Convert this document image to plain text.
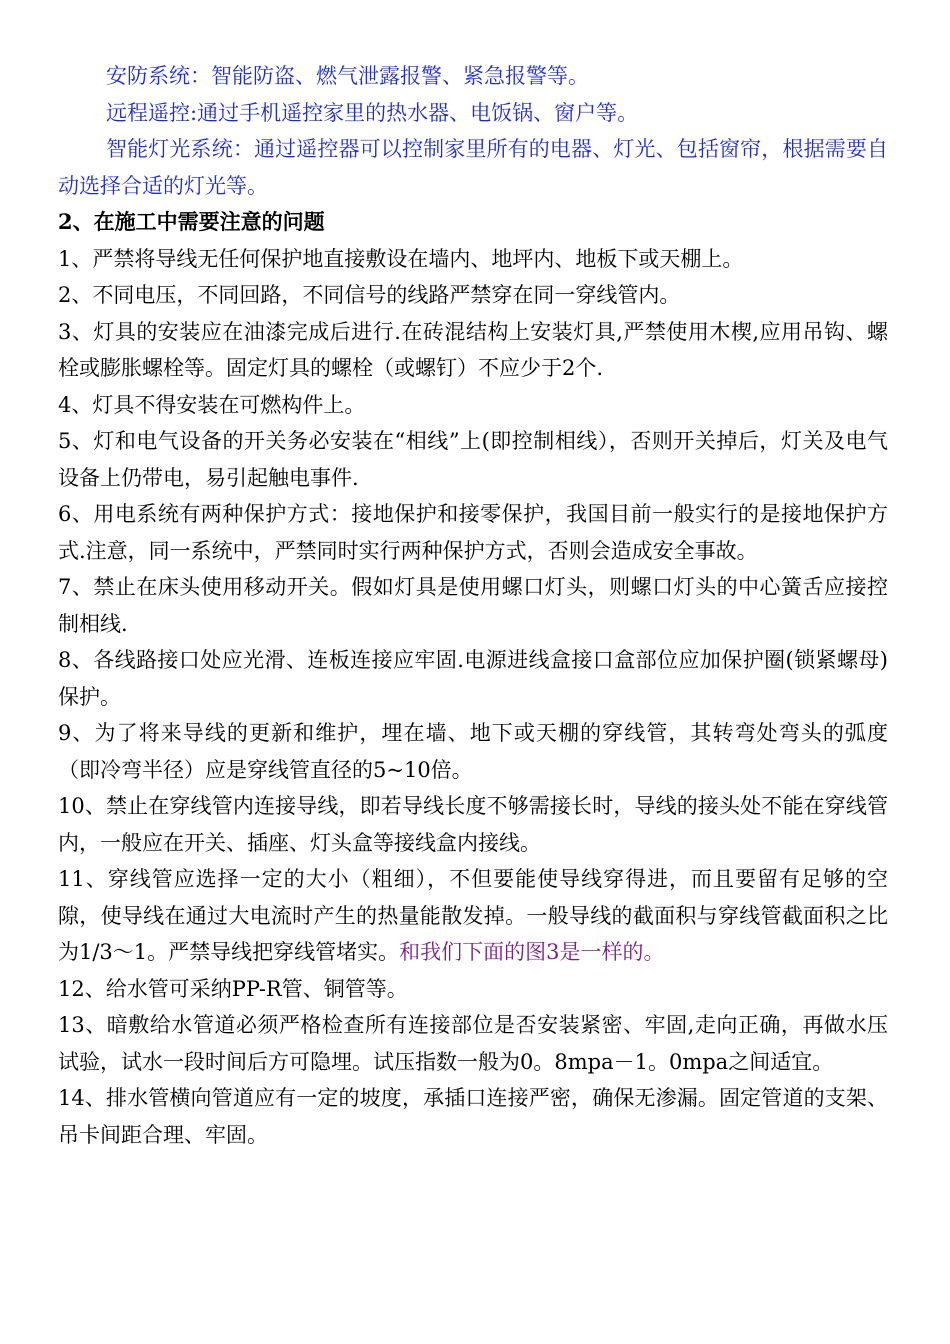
安防系统：智能防盗、燃气泄露报警、紧急报警等。

远程遥控:通过手机遥控家里的热水器、电饭锅、窗户等。

智能灯光系统：通过遥控器可以控制家里所有的电器、灯光、包括窗帘，根据需要自动选择合适的灯光等。

2、在施工中需要注意的问题

1、严禁将导线无任何保护地直接敷设在墙内、地坪内、地板下或天棚上。

2、不同电压，不同回路，不同信号的线路严禁穿在同一穿线管内。

3、灯具的安装应在油漆完成后进行.在砖混结构上安装灯具,严禁使用木楔,应用吊钩、螺栓或膨胀螺栓等。固定灯具的螺栓（或螺钉）不应少于2个.

4、灯具不得安装在可燃构件上。

5、灯和电气设备的开关务必安装在“相线”上(即控制相线），否则开关掉后，灯关及电气设备上仍带电，易引起触电事件.

6、用电系统有两种保护方式：接地保护和接零保护，我国目前一般实行的是接地保护方式.注意，同一系统中，严禁同时实行两种保护方式，否则会造成安全事故。

7、禁止在床头使用移动开关。假如灯具是使用螺口灯头，则螺口灯头的中心簧舌应接控制相线.

8、各线路接口处应光滑、连板连接应牢固.电源进线盒接口盒部位应加保护圈(锁紧螺母)保护。

9、为了将来导线的更新和维护，埋在墙、地下或天棚的穿线管，其转弯处弯头的弧度（即冷弯半径）应是穿线管直径的5~10倍。

10、禁止在穿线管内连接导线，即若导线长度不够需接长时，导线的接头处不能在穿线管内，一般应在开关、插座、灯头盒等接线盒内接线。

11、穿线管应选择一定的大小（粗细），不但要能使导线穿得进，而且要留有足够的空隙，使导线在通过大电流时产生的热量能散发掉。一般导线的截面积与穿线管截面积之比为1/3～1。严禁导线把穿线管堵实。和我们下面的图3是一样的。

12、给水管可采纳PP-R管、铜管等。

13、暗敷给水管道必须严格检查所有连接部位是否安装紧密、牢固,走向正确，再做水压试验，试水一段时间后方可隐埋。试压指数一般为0。8mpa－1。0mpa之间适宜。

14、排水管横向管道应有一定的坡度，承插口连接严密，确保无渗漏。固定管道的支架、吊卡间距合理、牢固。
